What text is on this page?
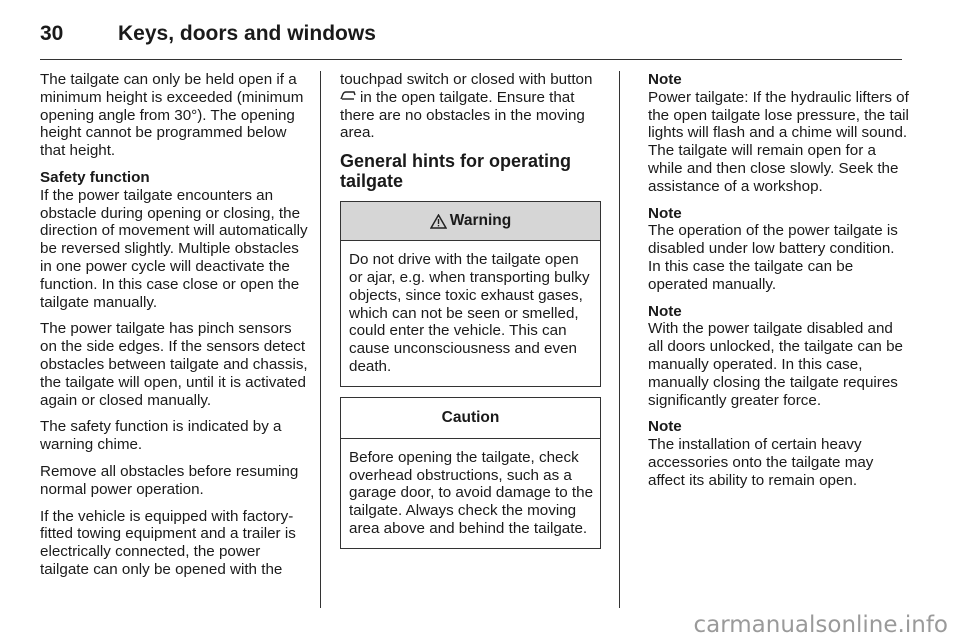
30	Keys, doors and windows

The tailgate can only be held open if a minimum height is exceeded (minimum opening angle from 30°). The opening height cannot be programmed below that height.

Safety function
If the power tailgate encounters an obstacle during opening or closing, the direction of movement will automatically be reversed slightly. Multiple obstacles in one power cycle will deactivate the function. In this case close or open the tailgate manually.

The power tailgate has pinch sensors on the side edges. If the sensors detect obstacles between tailgate and chassis, the tailgate will open, until it is activated again or closed manually.

The safety function is indicated by a warning chime.

Remove all obstacles before resuming normal power operation.

If the vehicle is equipped with factory-fitted towing equipment and a trailer is electrically connected, the power tailgate can only be opened with the

touchpad switch or closed with button
in the open tailgate. Ensure that there are no obstacles in the moving area.

General hints for operating tailgate
Warning
Do not drive with the tailgate open or ajar, e.g. when transporting bulky objects, since toxic exhaust gases, which can not be seen or smelled, could enter the vehicle. This can cause unconsciousness and even death.
Caution
Before opening the tailgate, check overhead obstructions, such as a garage door, to avoid damage to the tailgate. Always check the moving area above and behind the tailgate.

Note
Power tailgate: If the hydraulic lifters of the open tailgate lose pressure, the tail lights will flash and a chime will sound. The tailgate will remain open for a while and then close slowly. Seek the assistance of a workshop.

Note
The operation of the power tailgate is disabled under low battery condition. In this case the tailgate can be operated manually.

Note
With the power tailgate disabled and all doors unlocked, the tailgate can be manually operated. In this case, manually closing the tailgate requires significantly greater force.

Note
The installation of certain heavy accessories onto the tailgate may affect its ability to remain open.

carmanualsonline.info
